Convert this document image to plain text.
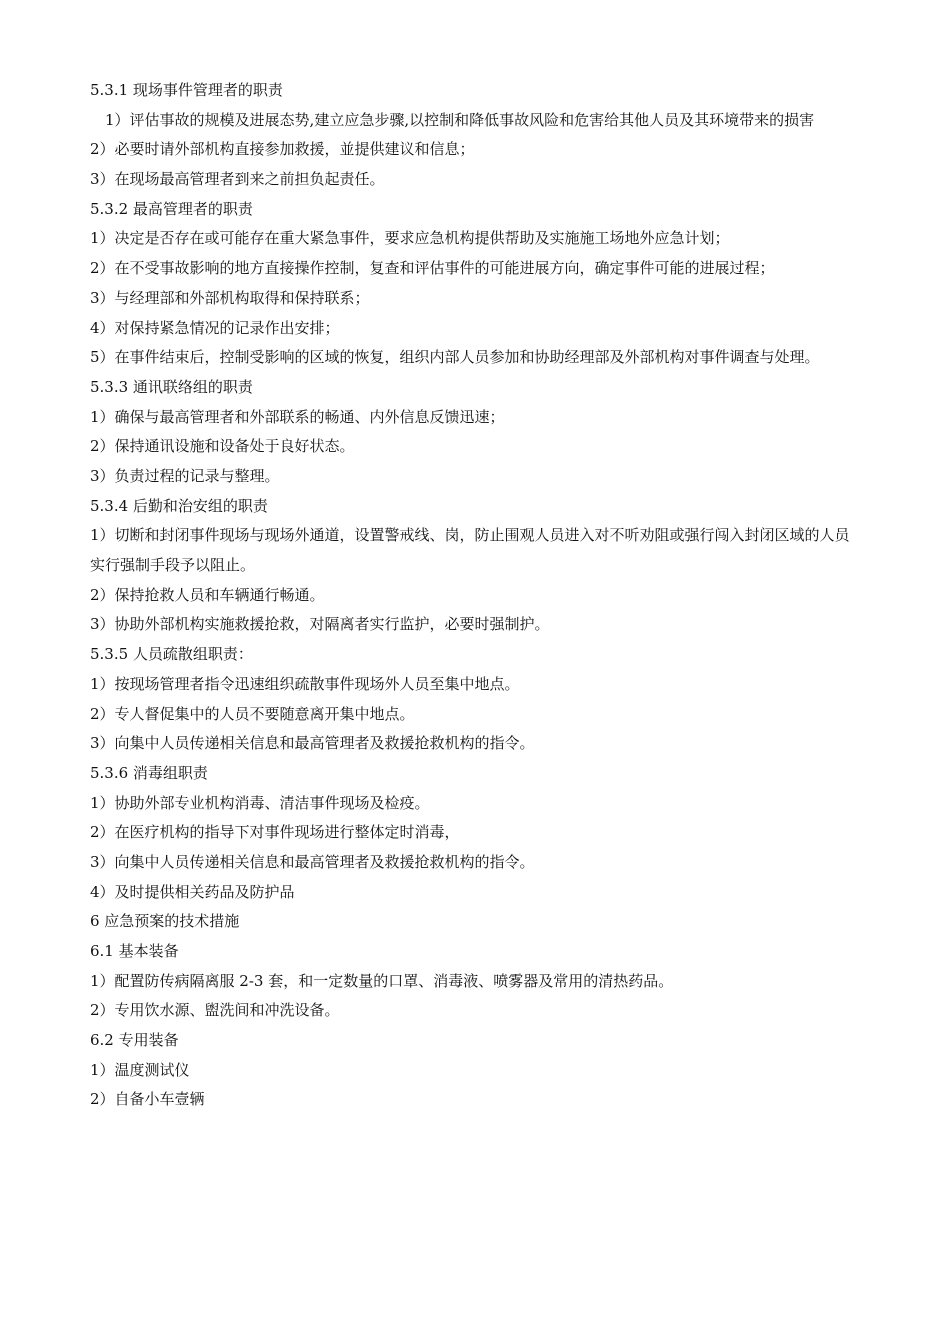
5.3.1 现场事件管理者的职责
1）评估事故的规模及进展态势,建立应急步骤,以控制和降低事故风险和危害给其他人员及其环境带来的损害
2）必要时请外部机构直接参加救援，並提供建议和信息；
3）在现场最高管理者到来之前担负起责任。
5.3.2 最高管理者的职责
1）决定是否存在或可能存在重大紧急事件，要求应急机构提供帮助及实施施工场地外应急计划；
2）在不受事故影响的地方直接操作控制，复查和评估事件的可能进展方向，确定事件可能的进展过程；
3）与经理部和外部机构取得和保持联系；
4）对保持紧急情况的记录作出安排；
5）在事件结束后，控制受影响的区域的恢复，组织内部人员参加和协助经理部及外部机构对事件调查与处理。
5.3.3 通讯联络组的职责
1）确保与最高管理者和外部联系的畅通、内外信息反馈迅速；
2）保持通讯设施和设备处于良好状态。
3）负责过程的记录与整理。
5.3.4 后勤和治安组的职责
1）切断和封闭事件现场与现场外通道，设置警戒线、岗，防止围观人员进入对不听劝阻或强行闯入封闭区域的人员实行强制手段予以阻止。
2）保持抢救人员和车辆通行畅通。
3）协助外部机构实施救援抢救，对隔离者实行监护，必要时强制护。
5.3.5 人员疏散组职责：
1）按现场管理者指令迅速组织疏散事件现场外人员至集中地点。
2）专人督促集中的人员不要随意离开集中地点。
3）向集中人员传递相关信息和最高管理者及救援抢救机构的指令。
5.3.6 消毒组职责
1）协助外部专业机构消毒、清洁事件现场及检疫。
2）在医疗机构的指导下对事件现场进行整体定时消毒，
3）向集中人员传递相关信息和最高管理者及救援抢救机构的指令。
4）及时提供相关药品及防护品
6 应急预案的技术措施
6.1 基本装备
1）配置防传病隔离服 2-3 套，和一定数量的口罩、消毒液、喷雾器及常用的清热药品。
2）专用饮水源、盥洗间和冲洗设备。
6.2 专用装备
1）温度测试仪
2）自备小车壹辆
